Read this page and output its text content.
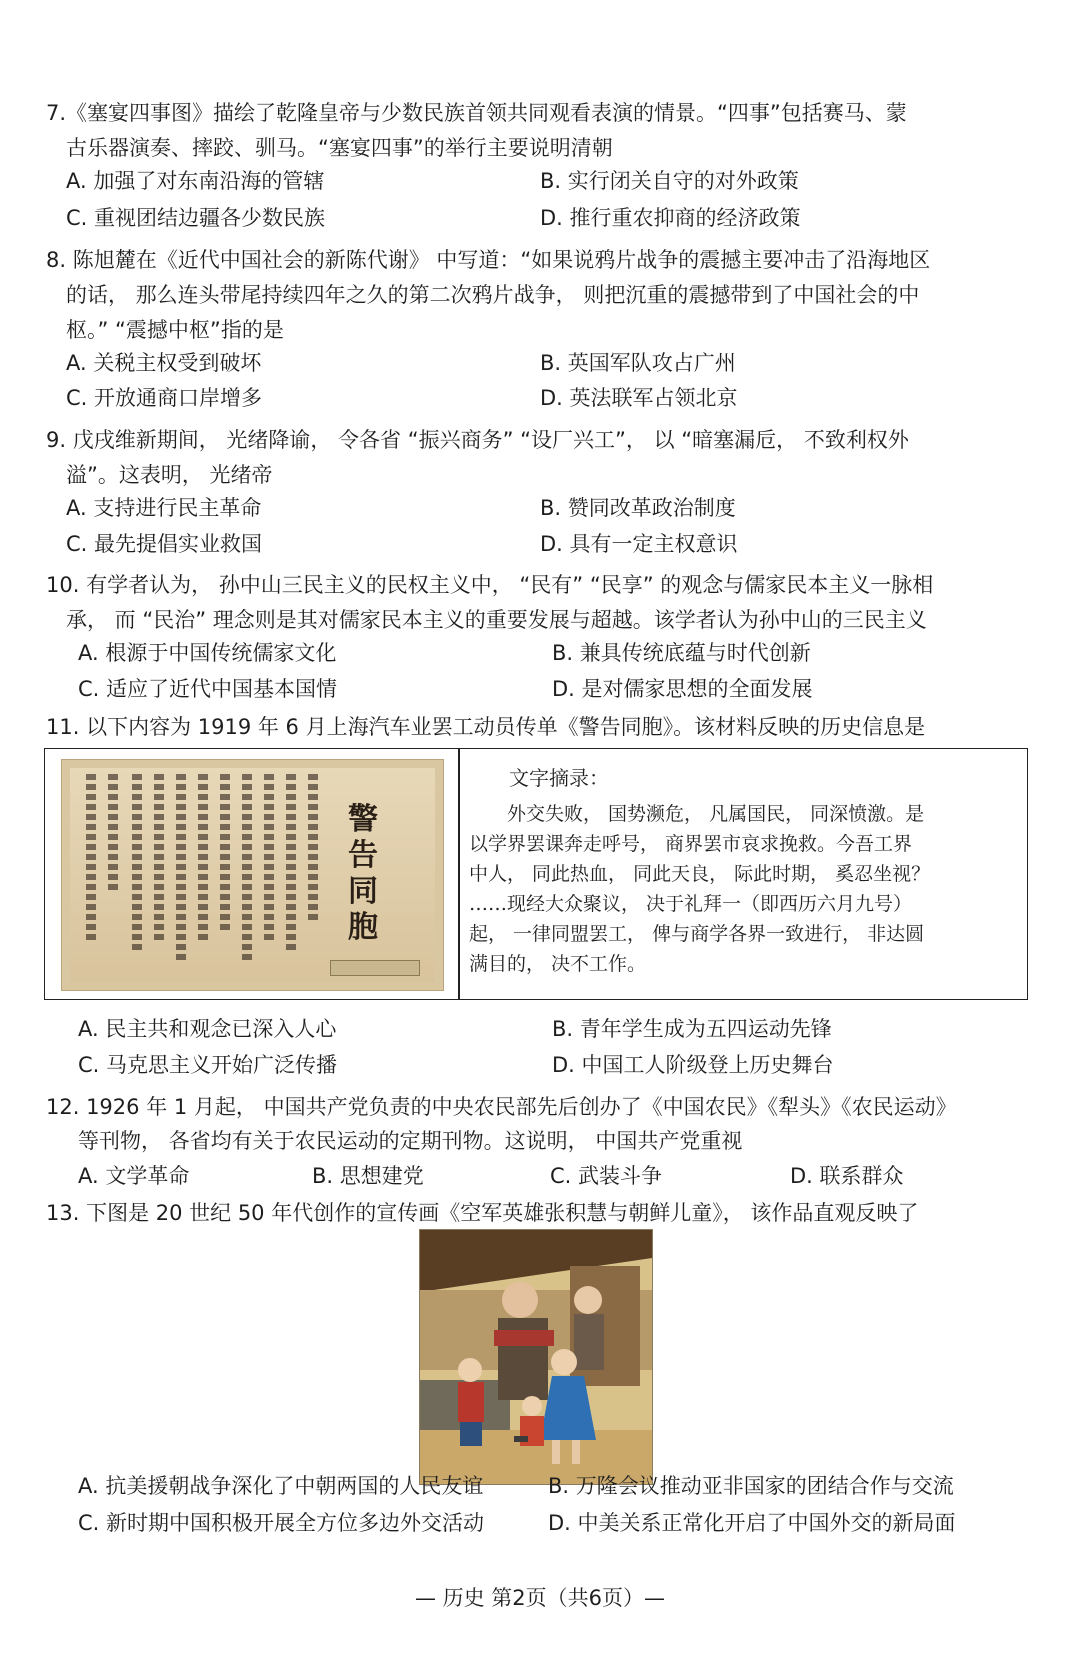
7.《塞宴四事图》描绘了乾隆皇帝与少数民族首领共同观看表演的情景。“四事”包括赛马、蒙
古乐器演奏、摔跤、驯马。“塞宴四事”的举行主要说明清朝
A. 加强了对东南沿海的管辖	B. 实行闭关自守的对外政策
C. 重视团结边疆各少数民族	D. 推行重农抑商的经济政策
8. 陈旭麓在《近代中国社会的新陈代谢》 中写道：“如果说鸦片战争的震撼主要冲击了沿海地区
的话， 那么连头带尾持续四年之久的第二次鸦片战争， 则把沉重的震撼带到了中国社会的中
枢。” “震撼中枢”指的是
A. 关税主权受到破坏	B. 英国军队攻占广州
C. 开放通商口岸增多	D. 英法联军占领北京
9. 戊戌维新期间， 光绪降谕， 令各省 “振兴商务” “设厂兴工”， 以 “暗塞漏卮， 不致利权外
溢”。这表明， 光绪帝
A. 支持进行民主革命	B. 赞同改革政治制度
C. 最先提倡实业救国	D. 具有一定主权意识
10. 有学者认为， 孙中山三民主义的民权主义中， “民有” “民享” 的观念与儒家民本主义一脉相
承， 而 “民治” 理念则是其对儒家民本主义的重要发展与超越。该学者认为孙中山的三民主义
A. 根源于中国传统儒家文化	B. 兼具传统底蕴与时代创新
C. 适应了近代中国基本国情	D. 是对儒家思想的全面发展
11. 以下内容为 1919 年 6 月上海汽车业罢工动员传单《警告同胞》。该材料反映的历史信息是
警告同胞
文字摘录：
　　外交失败， 国势濒危， 凡属国民， 同深愤激。是
以学界罢课奔走呼号， 商界罢市哀求挽救。今吾工界
中人， 同此热血， 同此天良， 际此时期， 奚忍坐视？
……现经大众聚议， 决于礼拜一（即西历六月九号）
起， 一律同盟罢工， 俾与商学各界一致进行， 非达圆
满目的， 决不工作。
A. 民主共和观念已深入人心	B. 青年学生成为五四运动先锋
C. 马克思主义开始广泛传播	D. 中国工人阶级登上历史舞台
12. 1926 年 1 月起， 中国共产党负责的中央农民部先后创办了《中国农民》《犁头》《农民运动》
等刊物， 各省均有关于农民运动的定期刊物。这说明， 中国共产党重视
A. 文学革命	B. 思想建党	C. 武装斗争	D. 联系群众
13. 下图是 20 世纪 50 年代创作的宣传画《空军英雄张积慧与朝鲜儿童》， 该作品直观反映了
A. 抗美援朝战争深化了中朝两国的人民友谊	B. 万隆会议推动亚非国家的团结合作与交流
C. 新时期中国积极开展全方位多边外交活动	D. 中美关系正常化开启了中国外交的新局面
— 历史 第2页（共6页）—
